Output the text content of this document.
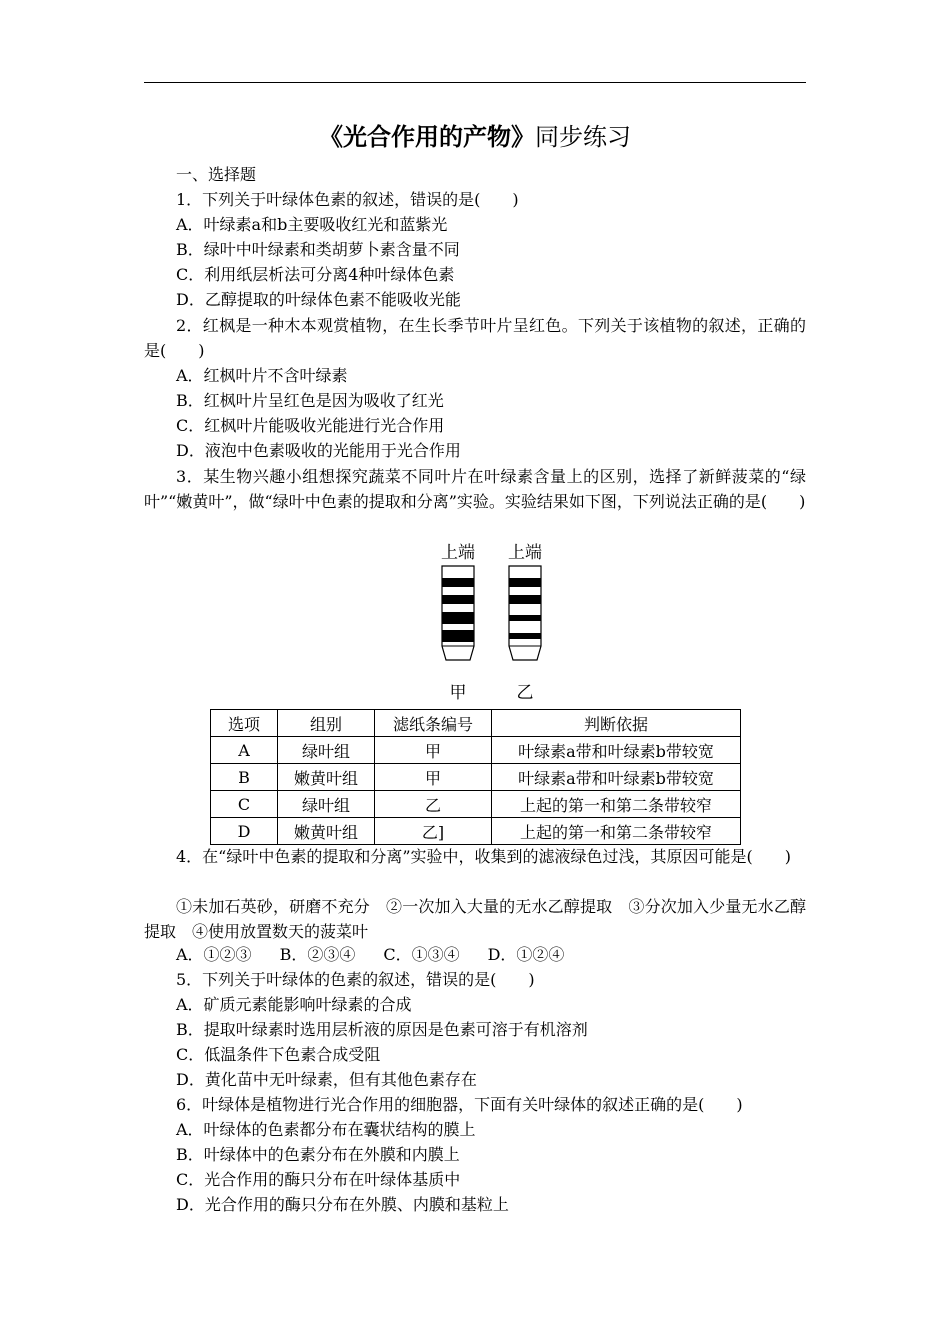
《光合作用的产物》同步练习
一、选择题
1．下列关于叶绿体色素的叙述，错误的是(　　)
A．叶绿素a和b主要吸收红光和蓝紫光
B．绿叶中叶绿素和类胡萝卜素含量不同
C．利用纸层析法可分离4种叶绿体色素
D．乙醇提取的叶绿体色素不能吸收光能
2．红枫是一种木本观赏植物，在生长季节叶片呈红色。下列关于该植物的叙述，正确的是(　　)
A．红枫叶片不含叶绿素
B．红枫叶片呈红色是因为吸收了红光
C．红枫叶片能吸收光能进行光合作用
D．液泡中色素吸收的光能用于光合作用
3．某生物兴趣小组想探究蔬菜不同叶片在叶绿素含量上的区别，选择了新鲜菠菜的“绿叶”“嫩黄叶”，做“绿叶中色素的提取和分离”实验。实验结果如下图，下列说法正确的是(　　)
上端 上端
甲	乙
选项	组别	滤纸条编号	判断依据
A	绿叶组	甲	叶绿素a带和叶绿素b带较宽
B	嫩黄叶组	甲	叶绿素a带和叶绿素b带较宽
C	绿叶组	乙	上起的第一和第二条带较窄
D	嫩黄叶组	乙]	上起的第一和第二条带较窄
4．在“绿叶中色素的提取和分离”实验中，收集到的滤液绿色过浅，其原因可能是(　　)
①未加石英砂，研磨不充分　②一次加入大量的无水乙醇提取　③分次加入少量无水乙醇提取　④使用放置数天的菠菜叶
A．①②③ B．②③④ C．①③④ D．①②④
5．下列关于叶绿体的色素的叙述，错误的是(　　)
A．矿质元素能影响叶绿素的合成
B．提取叶绿素时选用层析液的原因是色素可溶于有机溶剂
C．低温条件下色素合成受阻
D．黄化苗中无叶绿素，但有其他色素存在
6．叶绿体是植物进行光合作用的细胞器，下面有关叶绿体的叙述正确的是(　　)
A．叶绿体的色素都分布在囊状结构的膜上
B．叶绿体中的色素分布在外膜和内膜上
C．光合作用的酶只分布在叶绿体基质中
D．光合作用的酶只分布在外膜、内膜和基粒上
